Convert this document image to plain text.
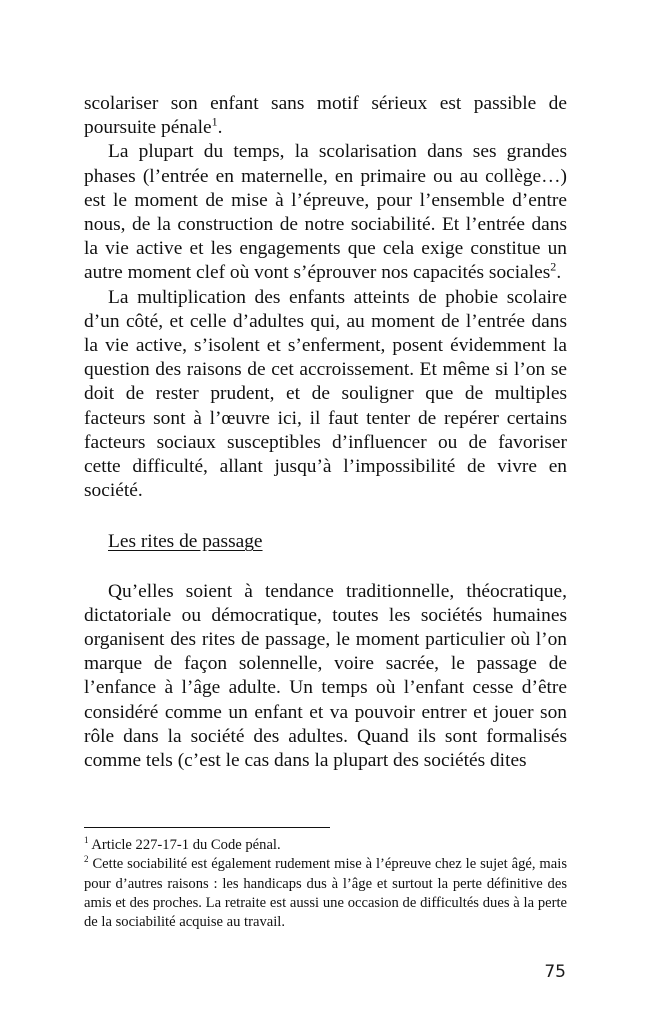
scolariser son enfant sans motif sérieux est passible de poursuite pénale$^1$.

La plupart du temps, la scolarisation dans ses grandes phases (l’entrée en maternelle, en primaire ou au collège…) est le moment de mise à l’épreuve, pour l’ensemble d’entre nous, de la construction de notre sociabilité. Et l’entrée dans la vie active et les engagements que cela exige constitue un autre moment clef où vont s’éprouver nos capacités sociales$^2$.

La multiplication des enfants atteints de phobie scolaire d’un côté, et celle d’adultes qui, au moment de l’entrée dans la vie active, s’isolent et s’enferment, posent évidemment la question des raisons de cet accroissement. Et même si l’on se doit de rester prudent, et de souligner que de multiples facteurs sont à l’œuvre ici, il faut tenter de repérer certains facteurs sociaux susceptibles d’influencer ou de favoriser cette difficulté, allant jusqu’à l’impossibilité de vivre en société.

Les rites de passage

Qu’elles soient à tendance traditionnelle, théocratique, dictatoriale ou démocratique, toutes les sociétés humaines organisent des rites de passage, le moment particulier où l’on marque de façon solennelle, voire sacrée, le passage de l’enfance à l’âge adulte. Un temps où l’enfant cesse d’être considéré comme un enfant et va pouvoir entrer et jouer son rôle dans la société des adultes. Quand ils sont formalisés comme tels (c’est le cas dans la plupart des sociétés dites

$^1$ Article 227-17-1 du Code pénal.

$^2$ Cette sociabilité est également rudement mise à l’épreuve chez le sujet âgé, mais pour d’autres raisons : les handicaps dus à l’âge et surtout la perte définitive des amis et des proches. La retraite est aussi une occasion de difficultés dues à la perte de la sociabilité acquise au travail.

75
